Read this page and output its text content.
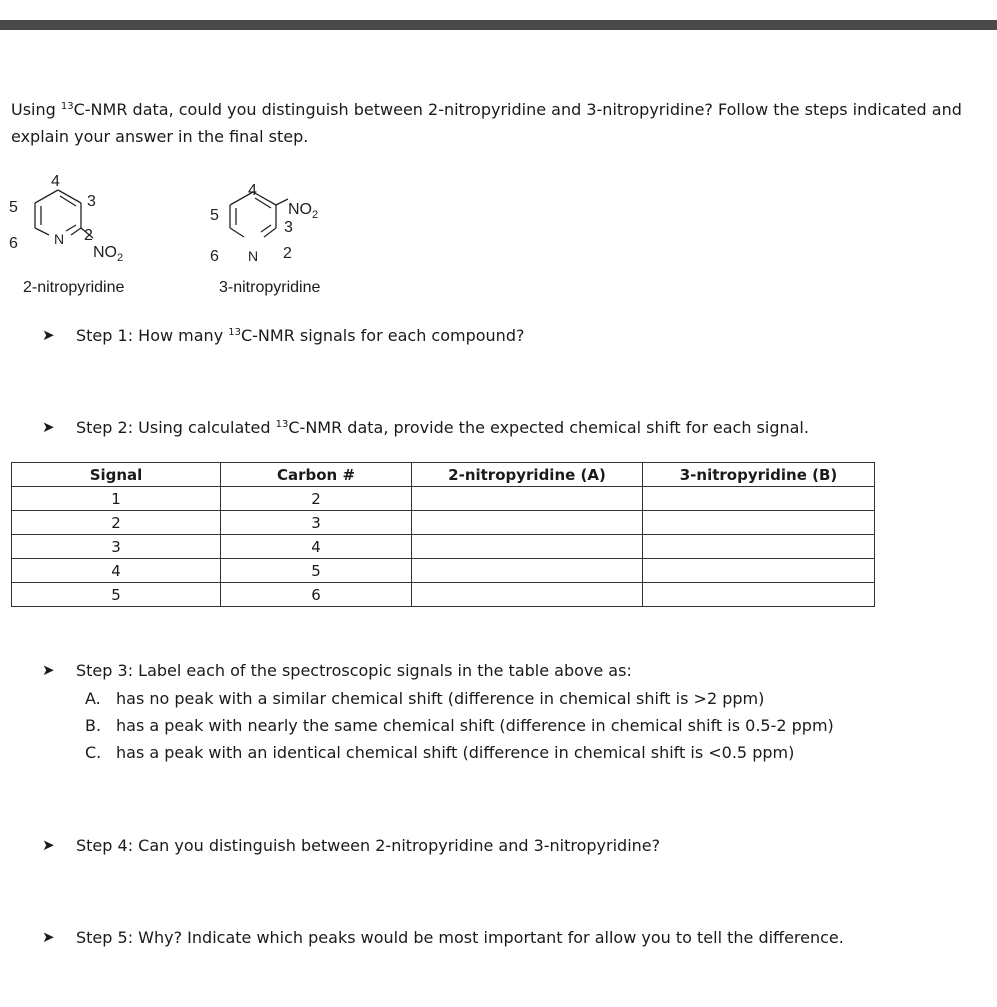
Using $^{13}$C-NMR data, could you distinguish between 2-nitropyridine and 3-nitropyridine? Follow the steps indicated and explain your answer in the final step.
N
$NO_2$
4
3
2
5
6
2-nitropyridine
N
$NO_2$
4
3
2
5
6
3-nitropyridine
➤ Step 1: How many $^{13}$C-NMR signals for each compound?
➤ Step 2: Using calculated $^{13}$C-NMR data, provide the expected chemical shift for each signal.
Signal	Carbon #	2-nitropyridine (A)	3-nitropyridine (B)
1	2		
2	3		
3	4		
4	5		
5	6		
➤ Step 3: Label each of the spectroscopic signals in the table above as:
A. has no peak with a similar chemical shift (difference in chemical shift is >2 ppm)
B. has a peak with nearly the same chemical shift (difference in chemical shift is 0.5-2 ppm)
C. has a peak with an identical chemical shift (difference in chemical shift is <0.5 ppm)
➤ Step 4: Can you distinguish between 2-nitropyridine and 3-nitropyridine?
➤ Step 5: Why? Indicate which peaks would be most important for allow you to tell the difference.
